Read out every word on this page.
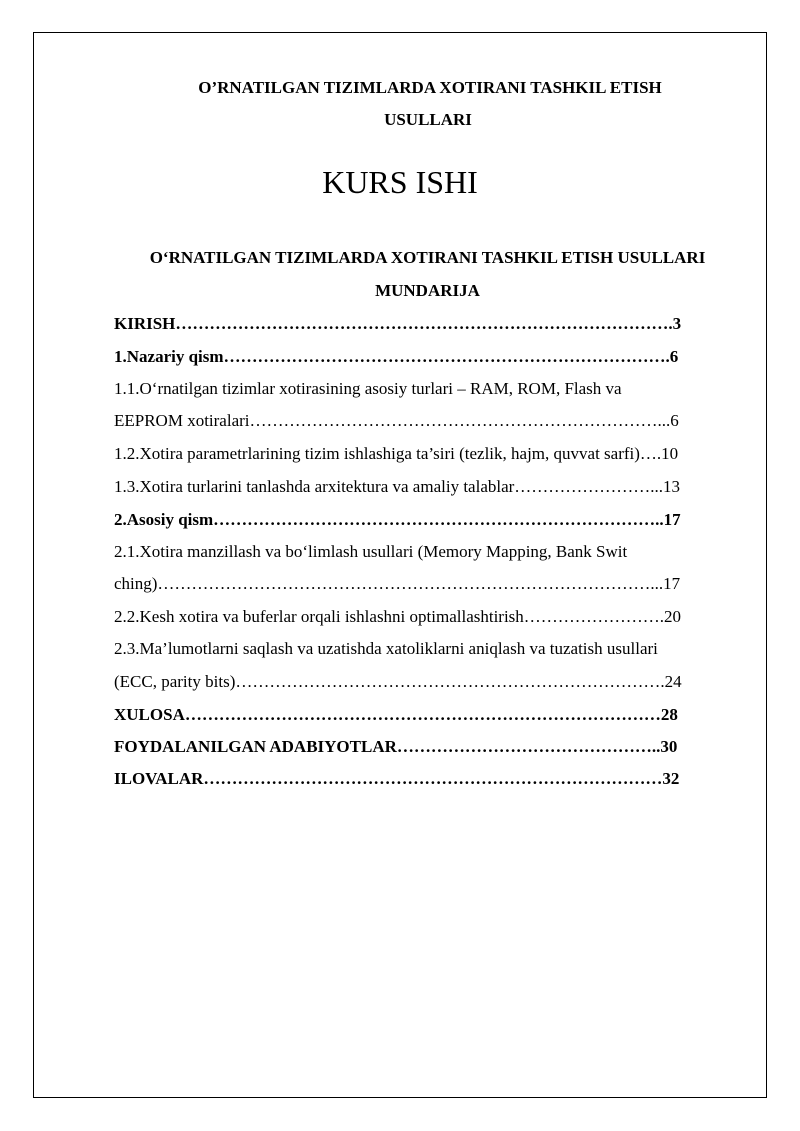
O’RNATILGAN TIZIMLARDA XOTIRANI TASHKIL ETISH
USULLARI
KURS ISHI
O‘RNATILGAN TIZIMLARDA XOTIRANI TASHKIL ETISH USULLARI
MUNDARIJA
KIRISH…………………………………………………………………………….3
1.Nazariy qism…………………………………………………………………….6
1.1.O‘rnatilgan tizimlar xotirasining asosiy turlari – RAM, ROM, Flash va
EEPROM xotiralari………………………………………………………………...6
1.2.Xotira parametrlarining tizim ishlashiga ta’siri (tezlik, hajm, quvvat sarfi)….10
1.3.Xotira turlarini tanlashda arxitektura va amaliy talablar……………………...13
2.Asosiy qism……………………………………………………………………..17
2.1.Xotira manzillash va bo‘limlash usullari (Memory Mapping, Bank Swit
ching)……………………………………………………………………………...17
2.2.Kesh xotira va buferlar orqali ishlashni optimallashtirish…………………….20
2.3.Ma’lumotlarni saqlash va uzatishda xatoliklarni aniqlash va tuzatish usullari
(ECC, parity bits)………………………………………………………………….24
XULOSA…………………………………………………………………………28
FOYDALANILGAN ADABIYOTLAR………………………………………..30
ILOVALAR………………………………………………………………………32
